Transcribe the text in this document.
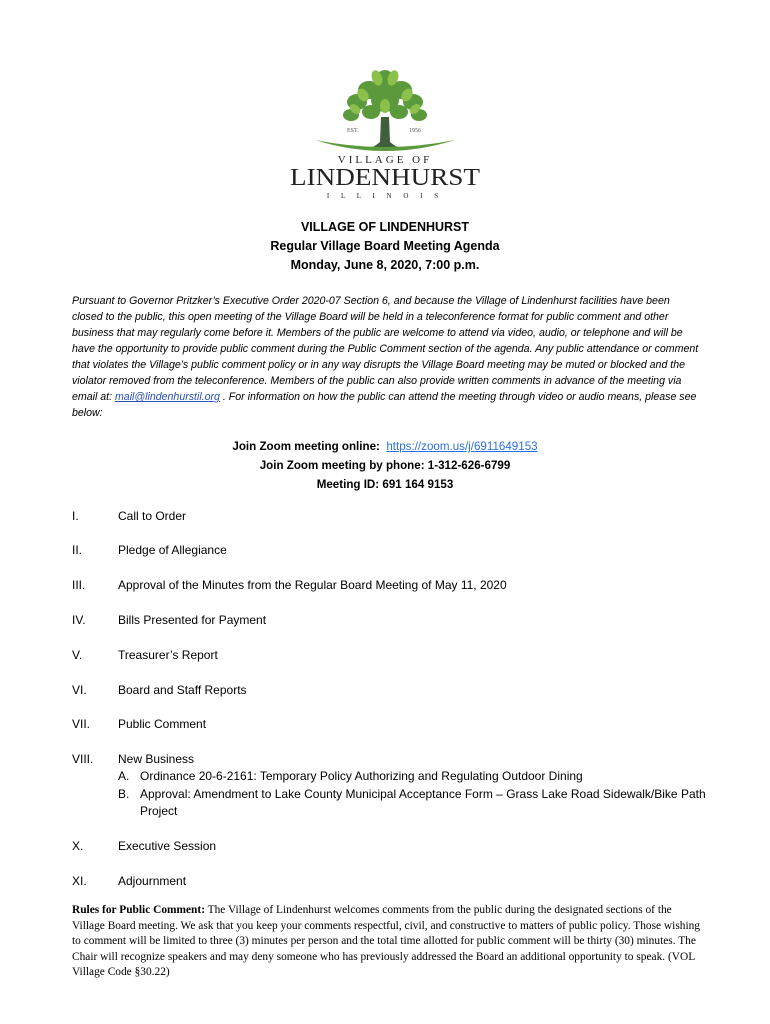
EST.	1956
VILLAGE OF
LINDENHURST
I L L I N O I S
VILLAGE OF LINDENHURST
Regular Village Board Meeting Agenda
Monday, June 8, 2020, 7:00 p.m.
Pursuant to Governor Pritzker’s Executive Order 2020-07 Section 6, and because the Village of Lindenhurst facilities have been closed to the public, this open meeting of the Village Board will be held in a teleconference format for public comment and other business that may regularly come before it. Members of the public are welcome to attend via video, audio, or telephone and will be have the opportunity to provide public comment during the Public Comment section of the agenda. Any public attendance or comment that violates the Village’s public comment policy or in any way disrupts the Village Board meeting may be muted or blocked and the violator removed from the teleconference. Members of the public can also provide written comments in advance of the meeting via email at: mail@lindenhurstil.org . For information on how the public can attend the meeting through video or audio means, please see below:
Join Zoom meeting online: https://zoom.us/j/6911649153
Join Zoom meeting by phone: 1-312-626-6799
Meeting ID: 691 164 9153
I.	Call to Order
II.	Pledge of Allegiance
III.	Approval of the Minutes from the Regular Board Meeting of May 11, 2020
IV.	Bills Presented for Payment
V.	Treasurer’s Report
VI.	Board and Staff Reports
VII.	Public Comment
VIII.	New Business
A. Ordinance 20-6-2161: Temporary Policy Authorizing and Regulating Outdoor Dining
B. Approval: Amendment to Lake County Municipal Acceptance Form – Grass Lake Road Sidewalk/Bike Path Project
X.	Executive Session
XI.	Adjournment
Rules for Public Comment: The Village of Lindenhurst welcomes comments from the public during the designated sections of the Village Board meeting. We ask that you keep your comments respectful, civil, and constructive to matters of public policy. Those wishing to comment will be limited to three (3) minutes per person and the total time allotted for public comment will be thirty (30) minutes. The Chair will recognize speakers and may deny someone who has previously addressed the Board an additional opportunity to speak. (VOL Village Code §30.22)
